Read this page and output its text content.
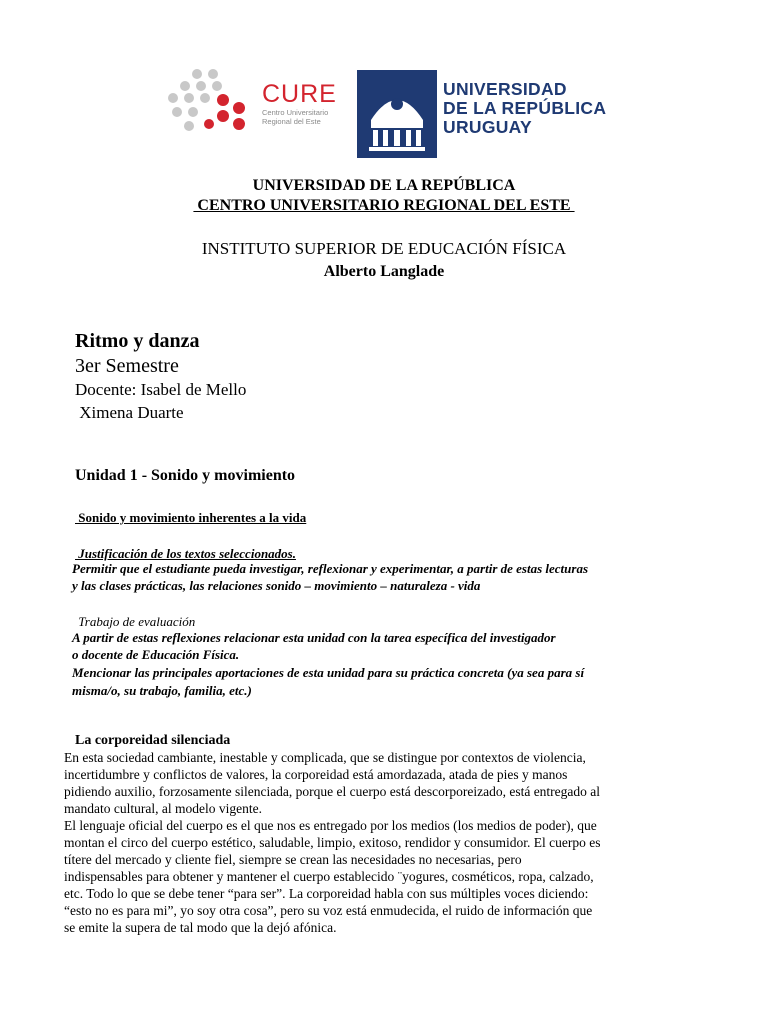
CURE
Centro Universitario
Regional del Este
UNIVERSIDAD
DE LA REPÚBLICA
URUGUAY
UNIVERSIDAD DE LA REPÚBLICA
CENTRO UNIVERSITARIO REGIONAL DEL ESTE
INSTITUTO SUPERIOR DE EDUCACIÓN FÍSICA
Alberto Langlade
Ritmo y danza
3er Semestre
Docente: Isabel de Mello
Ximena Duarte
Unidad 1 - Sonido y movimiento
Sonido y movimiento inherentes a la vida
Justificación de los textos seleccionados.
Permitir que el estudiante pueda investigar, reflexionar y experimentar, a partir de estas lecturas
y las clases prácticas, las relaciones sonido – movimiento – naturaleza - vida
Trabajo de evaluación
A partir de estas reflexiones relacionar esta unidad con la tarea específica del investigador
o docente de Educación Física.
Mencionar las principales aportaciones de esta unidad para su práctica concreta (ya sea para sí
misma/o, su trabajo, familia, etc.)
La corporeidad silenciada
En esta sociedad cambiante, inestable y complicada, que se distingue por contextos de violencia,
incertidumbre y conflictos de valores, la corporeidad está amordazada, atada de pies y manos
pidiendo auxilio, forzosamente silenciada, porque el cuerpo está descorporeizado, está entregado al
mandato cultural, al modelo vigente.
El lenguaje oficial del cuerpo es el que nos es entregado por los medios (los medios de poder), que
montan el circo del cuerpo estético, saludable, limpio, exitoso, rendidor y consumidor. El cuerpo es
títere del mercado y cliente fiel, siempre se crean las necesidades no necesarias, pero
indispensables para obtener y mantener el cuerpo establecido ¨yogures, cosméticos, ropa, calzado,
etc. Todo lo que se debe tener “para ser”. La corporeidad habla con sus múltiples voces diciendo:
“esto no es para mi”, yo soy otra cosa”, pero su voz está enmudecida, el ruido de información que
se emite la supera de tal modo que la dejó afónica.
